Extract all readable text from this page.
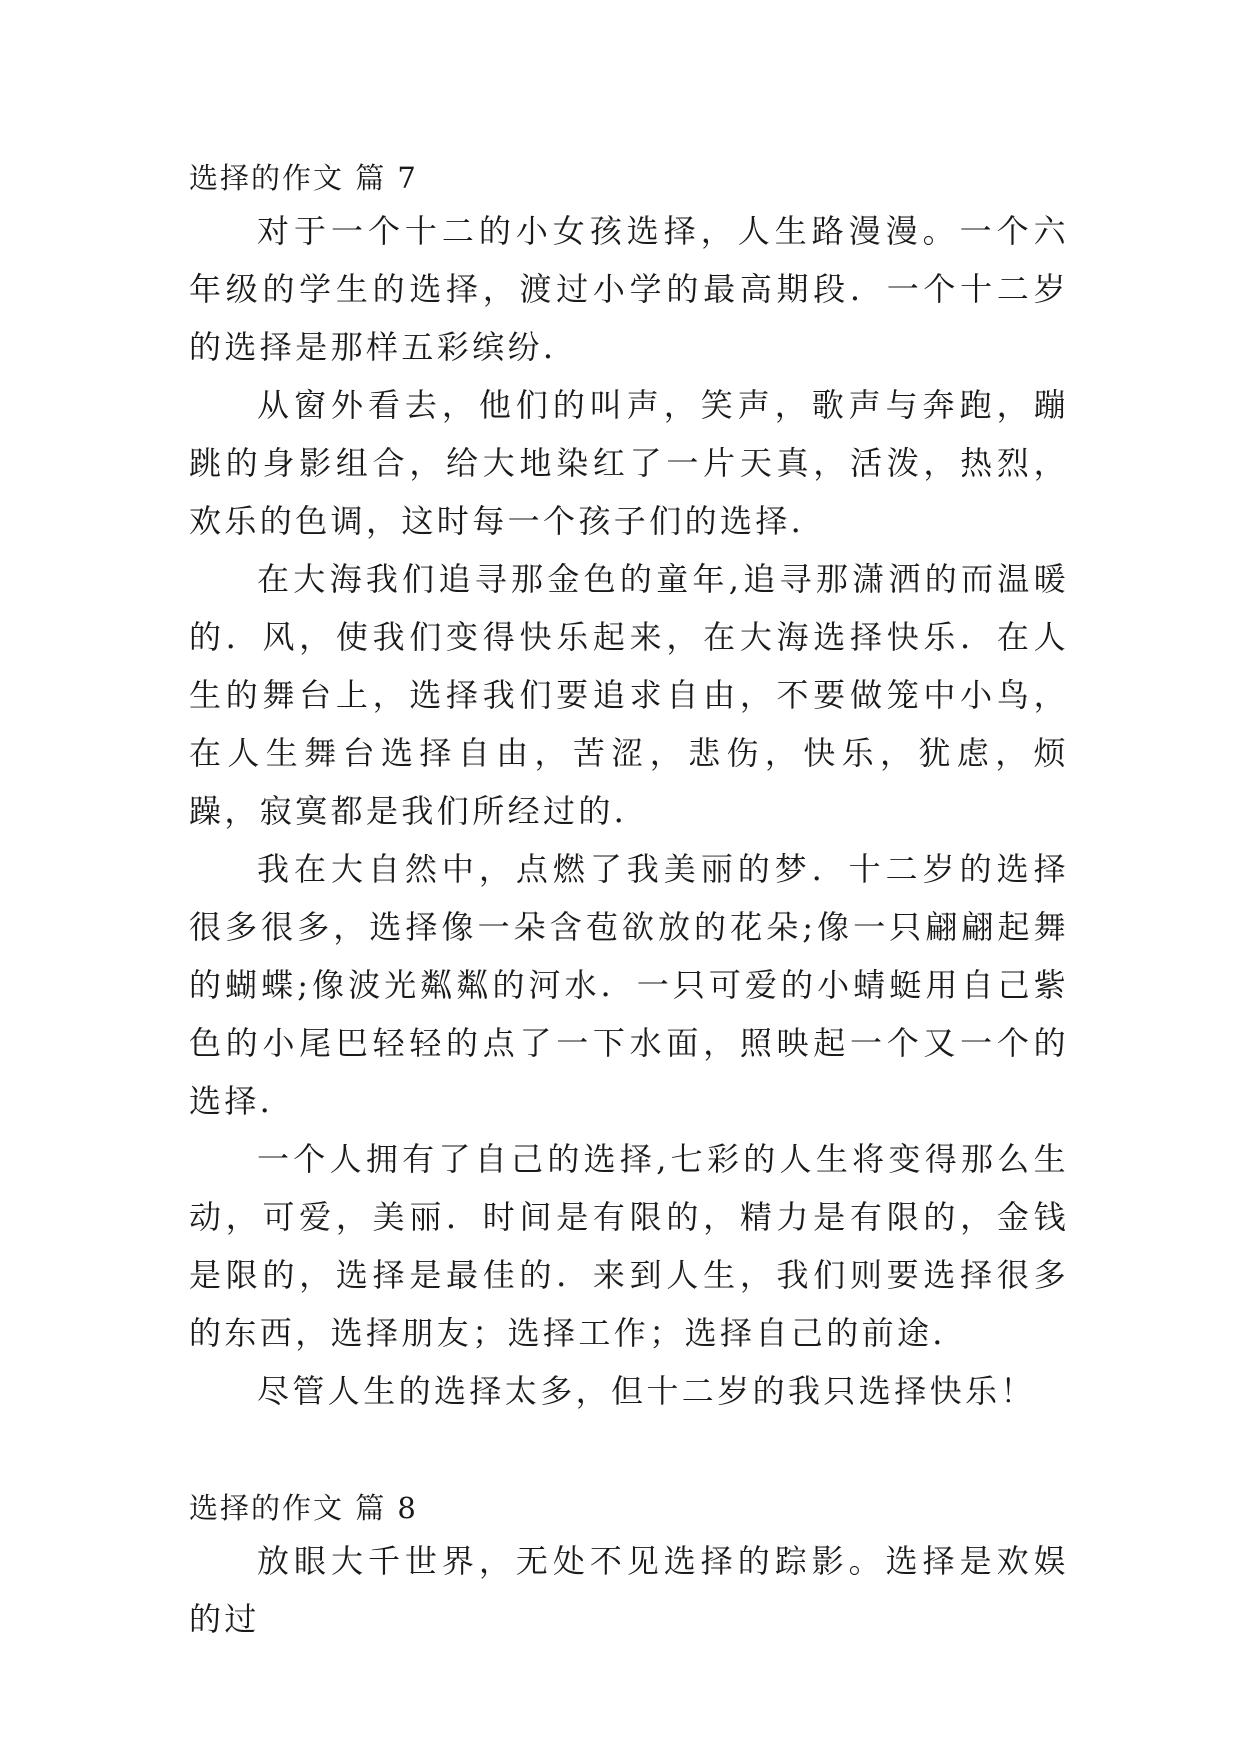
选择的作文 篇 7

对于一个十二的小女孩选择，人生路漫漫。一个六年级的学生的选择，渡过小学的最高期段．一个十二岁的选择是那样五彩缤纷．

从窗外看去，他们的叫声，笑声，歌声与奔跑，蹦跳的身影组合，给大地染红了一片天真，活泼，热烈，欢乐的色调，这时每一个孩子们的选择．

在大海我们追寻那金色的童年,追寻那潇洒的而温暖的．风，使我们变得快乐起来，在大海选择快乐．在人生的舞台上，选择我们要追求自由，不要做笼中小鸟，在人生舞台选择自由，苦涩，悲伤，快乐，犹虑，烦躁，寂寞都是我们所经过的．

我在大自然中，点燃了我美丽的梦．十二岁的选择很多很多，选择像一朵含苞欲放的花朵;像一只翩翩起舞的蝴蝶;像波光粼粼的河水．一只可爱的小蜻蜓用自己紫色的小尾巴轻轻的点了一下水面，照映起一个又一个的选择．

一个人拥有了自己的选择,七彩的人生将变得那么生动，可爱，美丽．时间是有限的，精力是有限的，金钱是限的，选择是最佳的．来到人生，我们则要选择很多的东西，选择朋友；选择工作；选择自己的前途．

尽管人生的选择太多，但十二岁的我只选择快乐！

选择的作文 篇 8

放眼大千世界，无处不见选择的踪影。选择是欢娱的过
